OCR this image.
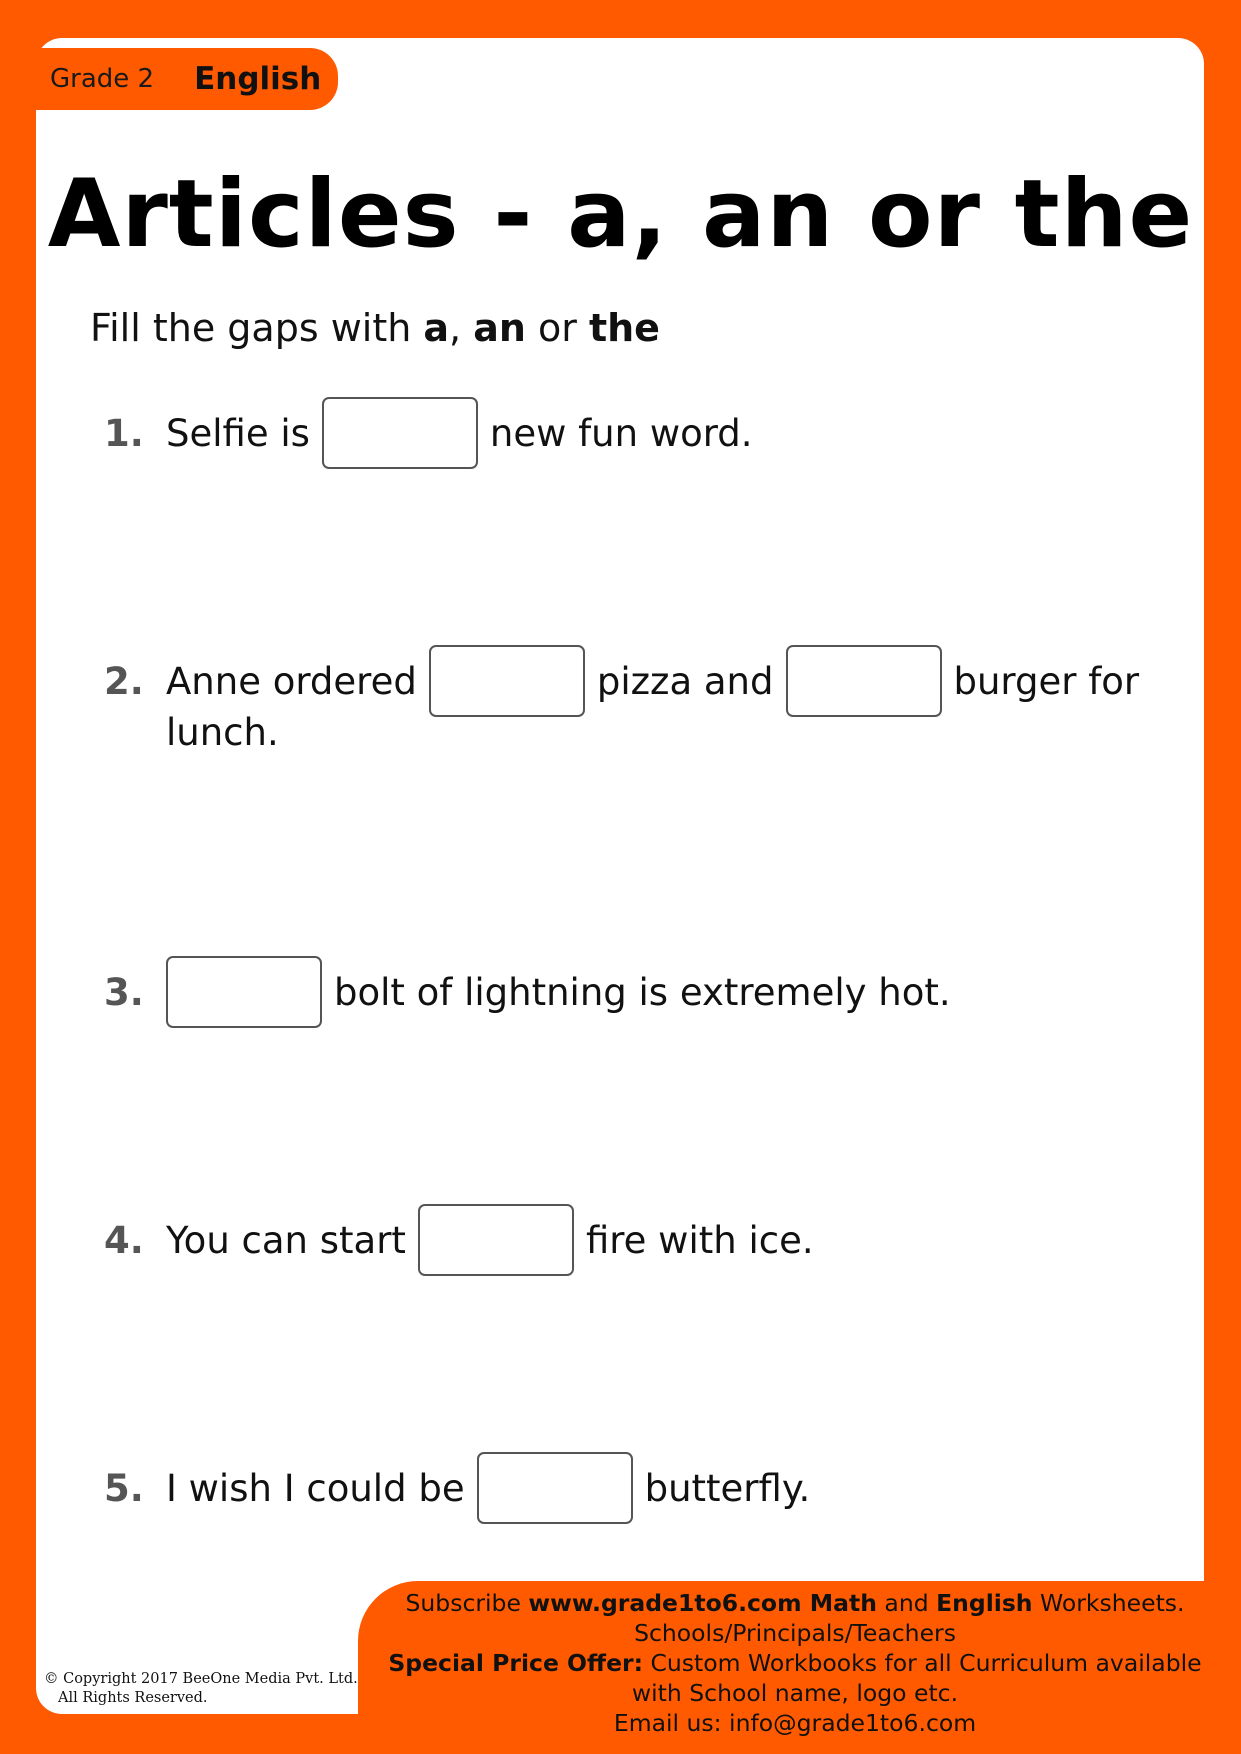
Grade 2 English
Articles - a, an or the
Fill the gaps with a, an or the
1. Selfie is	new fun word.
2. Anne ordered	pizza and	burger for
lunch.
3.	bolt of lightning is extremely hot.
4. You can start	fire with ice.
5. I wish I could be	butterfly.
Subscribe www.grade1to6.com Math and English Worksheets.
Schools/Principals/Teachers
Special Price Offer: Custom Workbooks for all Curriculum available
with School name, logo etc.
Email us: info@grade1to6.com
© Copyright 2017 BeeOne Media Pvt. Ltd.
All Rights Reserved.
